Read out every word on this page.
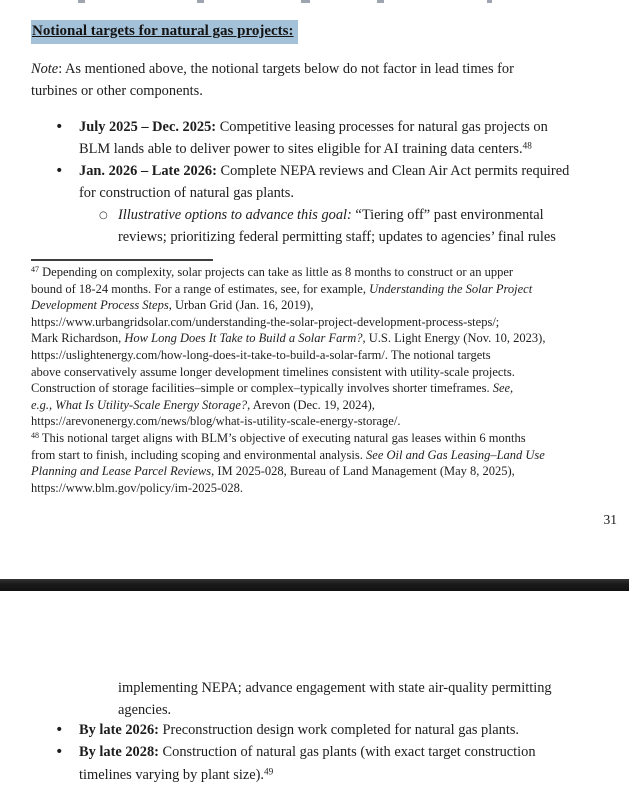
Notional targets for natural gas projects:

Note: As mentioned above, the notional targets below do not factor in lead times for
turbines or other components.

• July 2025 – Dec. 2025: Competitive leasing processes for natural gas projects on
BLM lands able to deliver power to sites eligible for AI training data centers.$^{48}$
• Jan. 2026 – Late 2026: Complete NEPA reviews and Clean Air Act permits required
for construction of natural gas plants.
○ Illustrative options to advance this goal: “Tiering off” past environmental
reviews; prioritizing federal permitting staff; updates to agencies’ final rules

$^{47}$ Depending on complexity, solar projects can take as little as 8 months to construct or an upper
bound of 18-24 months. For a range of estimates, see, for example, Understanding the Solar Project
Development Process Steps, Urban Grid (Jan. 16, 2019),
https://www.urbangridsolar.com/understanding-the-solar-project-development-process-steps/;
Mark Richardson, How Long Does It Take to Build a Solar Farm?, U.S. Light Energy (Nov. 10, 2023),
https://uslightenergy.com/how-long-does-it-take-to-build-a-solar-farm/. The notional targets
above conservatively assume longer development timelines consistent with utility-scale projects.
Construction of storage facilities–simple or complex–typically involves shorter timeframes. See,
e.g., What Is Utility-Scale Energy Storage?, Arevon (Dec. 19, 2024),
https://arevonenergy.com/news/blog/what-is-utility-scale-energy-storage/.

$^{48}$ This notional target aligns with BLM’s objective of executing natural gas leases within 6 months
from start to finish, including scoping and environmental analysis. See Oil and Gas Leasing–Land Use
Planning and Lease Parcel Reviews, IM 2025-028, Bureau of Land Management (May 8, 2025),
https://www.blm.gov/policy/im-2025-028.

31
implementing NEPA; advance engagement with state air-quality permitting
agencies.
• By late 2026: Preconstruction design work completed for natural gas plants.
• By late 2028: Construction of natural gas plants (with exact target construction
timelines varying by plant size).$^{49}$
